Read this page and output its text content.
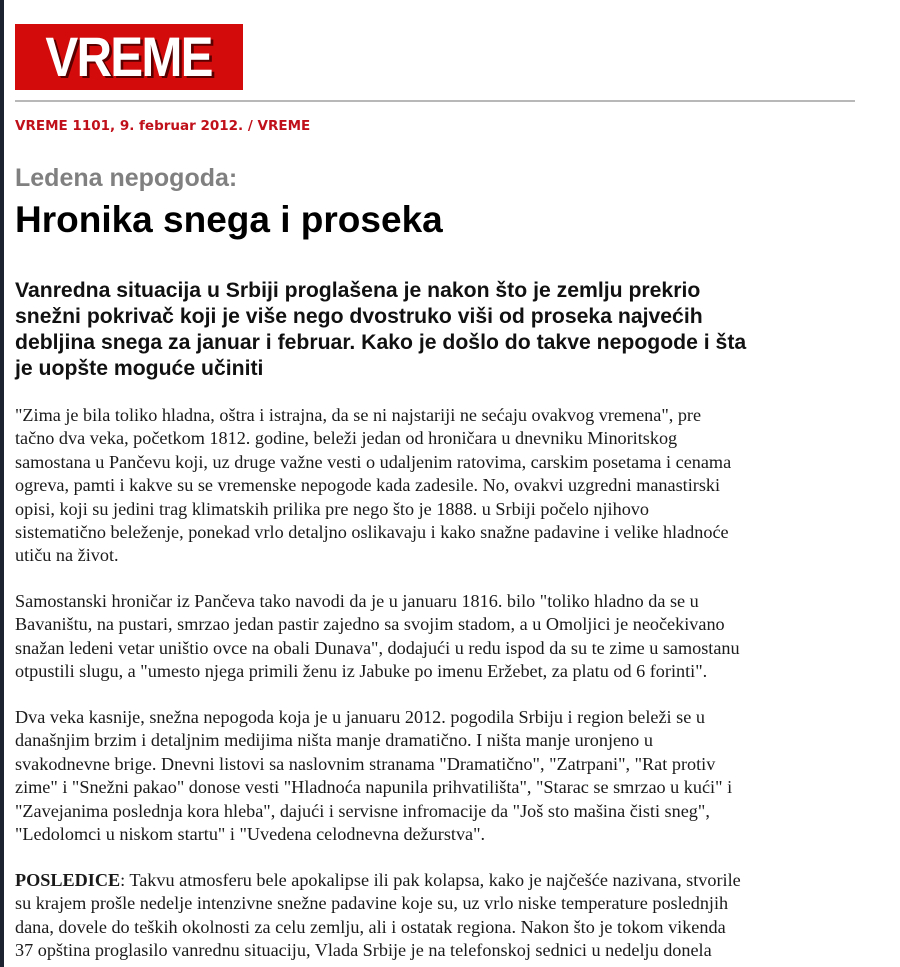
VREME
VREME 1101, 9. februar 2012. / VREME
Ledena nepogoda:
Hronika snega i proseka

Vanredna situacija u Srbiji proglašena je nakon što je zemlju prekrio
snežni pokrivač koji je više nego dvostruko viši od proseka najvećih
debljina snega za januar i februar. Kako je došlo do takve nepogode i šta
je uopšte moguće učiniti

"Zima je bila toliko hladna, oštra i istrajna, da se ni najstariji ne sećaju ovakvog vremena", pre
tačno dva veka, početkom 1812. godine, beleži jedan od hroničara u dnevniku Minoritskog
samostana u Pančevu koji, uz druge važne vesti o udaljenim ratovima, carskim posetama i cenama
ogreva, pamti i kakve su se vremenske nepogode kada zadesile. No, ovakvi uzgredni manastirski
opisi, koji su jedini trag klimatskih prilika pre nego što je 1888. u Srbiji počelo njihovo
sistematično beleženje, ponekad vrlo detaljno oslikavaju i kako snažne padavine i velike hladnoće
utiču na život.

Samostanski hroničar iz Pančeva tako navodi da je u januaru 1816. bilo "toliko hladno da se u
Bavaništu, na pustari, smrzao jedan pastir zajedno sa svojim stadom, a u Omoljici je neočekivano
snažan ledeni vetar uništio ovce na obali Dunava", dodajući u redu ispod da su te zime u samostanu
otpustili slugu, a "umesto njega primili ženu iz Jabuke po imenu Eržebet, za platu od 6 forinti".

Dva veka kasnije, snežna nepogoda koja je u januaru 2012. pogodila Srbiju i region beleži se u
današnjim brzim i detaljnim medijima ništa manje dramatično. I ništa manje uronjeno u
svakodnevne brige. Dnevni listovi sa naslovnim stranama "Dramatično", "Zatrpani", "Rat protiv
zime" i "Snežni pakao" donose vesti "Hladnoća napunila prihvatilišta", "Starac se smrzao u kući" i
"Zavejanima poslednja kora hleba", dajući i servisne infromacije da "Još sto mašina čisti sneg",
"Ledolomci u niskom startu" i "Uvedena celodnevna dežurstva".

POSLEDICE: Takvu atmosferu bele apokalipse ili pak kolapsa, kako je najčešće nazivana, stvorile
su krajem prošle nedelje intenzivne snežne padavine koje su, uz vrlo niske temperature poslednjih
dana, dovele do teških okolnosti za celu zemlju, ali i ostatak regiona. Nakon što je tokom vikenda
37 opština proglasilo vanrednu situaciju, Vlada Srbije je na telefonskoj sednici u nedelju donela
